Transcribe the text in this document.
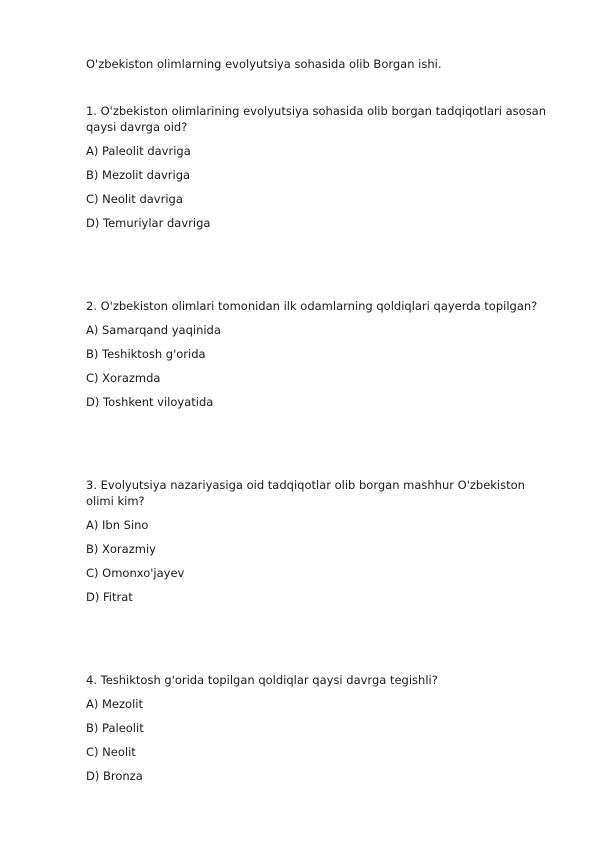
O'zbekiston olimlarning evolyutsiya sohasida olib Borgan ishi.

1. O'zbekiston olimlarining evolyutsiya sohasida olib borgan tadqiqotlari asosan qaysi davrga oid?

A) Paleolit davriga

B) Mezolit davriga

C) Neolit davriga

D) Temuriylar davriga

2. O'zbekiston olimlari tomonidan ilk odamlarning qoldiqlari qayerda topilgan?

A) Samarqand yaqinida

B) Teshiktosh g'orida

C) Xorazmda

D) Toshkent viloyatida

3. Evolyutsiya nazariyasiga oid tadqiqotlar olib borgan mashhur O'zbekiston olimi kim?

A) Ibn Sino

B) Xorazmiy

C) Omonxo'jayev

D) Fitrat

4. Teshiktosh g'orida topilgan qoldiqlar qaysi davrga tegishli?

A) Mezolit

B) Paleolit

C) Neolit

D) Bronza
